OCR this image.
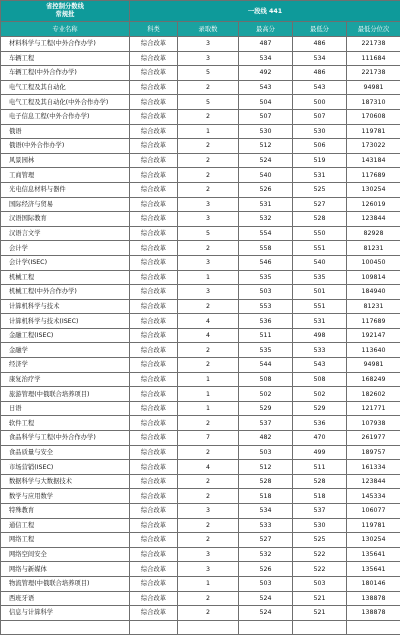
省控制分数线
常规批	一段线 441				
专业名称	科类	录取数	最高分	最低分	最低分位次
材料科学与工程(中外合作办学)	综合改革	3	487	486	221738
车辆工程	综合改革	3	534	534	111684
车辆工程(中外合作办学)	综合改革	5	492	486	221738
电气工程及其自动化	综合改革	2	543	543	94981
电气工程及其自动化(中外合作办学)	综合改革	5	504	500	187310
电子信息工程(中外合作办学)	综合改革	2	507	507	170608
俄语	综合改革	1	530	530	119781
俄语(中外合作办学)	综合改革	2	512	506	173022
风景园林	综合改革	2	524	519	143184
工商管理	综合改革	2	540	531	117689
光电信息材料与器件	综合改革	2	526	525	130254
国际经济与贸易	综合改革	3	531	527	126019
汉语国际教育	综合改革	3	532	528	123844
汉语言文学	综合改革	5	554	550	82928
会计学	综合改革	2	558	551	81231
会计学(ISEC)	综合改革	3	546	540	100450
机械工程	综合改革	1	535	535	109814
机械工程(中外合作办学)	综合改革	3	503	501	184940
计算机科学与技术	综合改革	2	553	551	81231
计算机科学与技术(ISEC)	综合改革	4	536	531	117689
金融工程(ISEC)	综合改革	4	511	498	192147
金融学	综合改革	2	535	533	113640
经济学	综合改革	2	544	543	94981
康复治疗学	综合改革	1	508	508	168249
旅游管理(中俄联合培养项目)	综合改革	1	502	502	182602
日语	综合改革	1	529	529	121771
软件工程	综合改革	2	537	536	107938
食品科学与工程(中外合作办学)	综合改革	7	482	470	261977
食品质量与安全	综合改革	2	503	499	189757
市场营销(ISEC)	综合改革	4	512	511	161334
数据科学与大数据技术	综合改革	2	528	528	123844
数学与应用数学	综合改革	2	518	518	145334
特殊教育	综合改革	3	534	537	106077
通信工程	综合改革	2	533	530	119781
网络工程	综合改革	2	527	525	130254
网络空间安全	综合改革	3	532	522	135641
网络与新媒体	综合改革	3	526	522	135641
物流管理(中俄联合培养项目)	综合改革	1	503	503	180146
西班牙语	综合改革	2	524	521	138878
信息与计算科学	综合改革	2	524	521	138878
